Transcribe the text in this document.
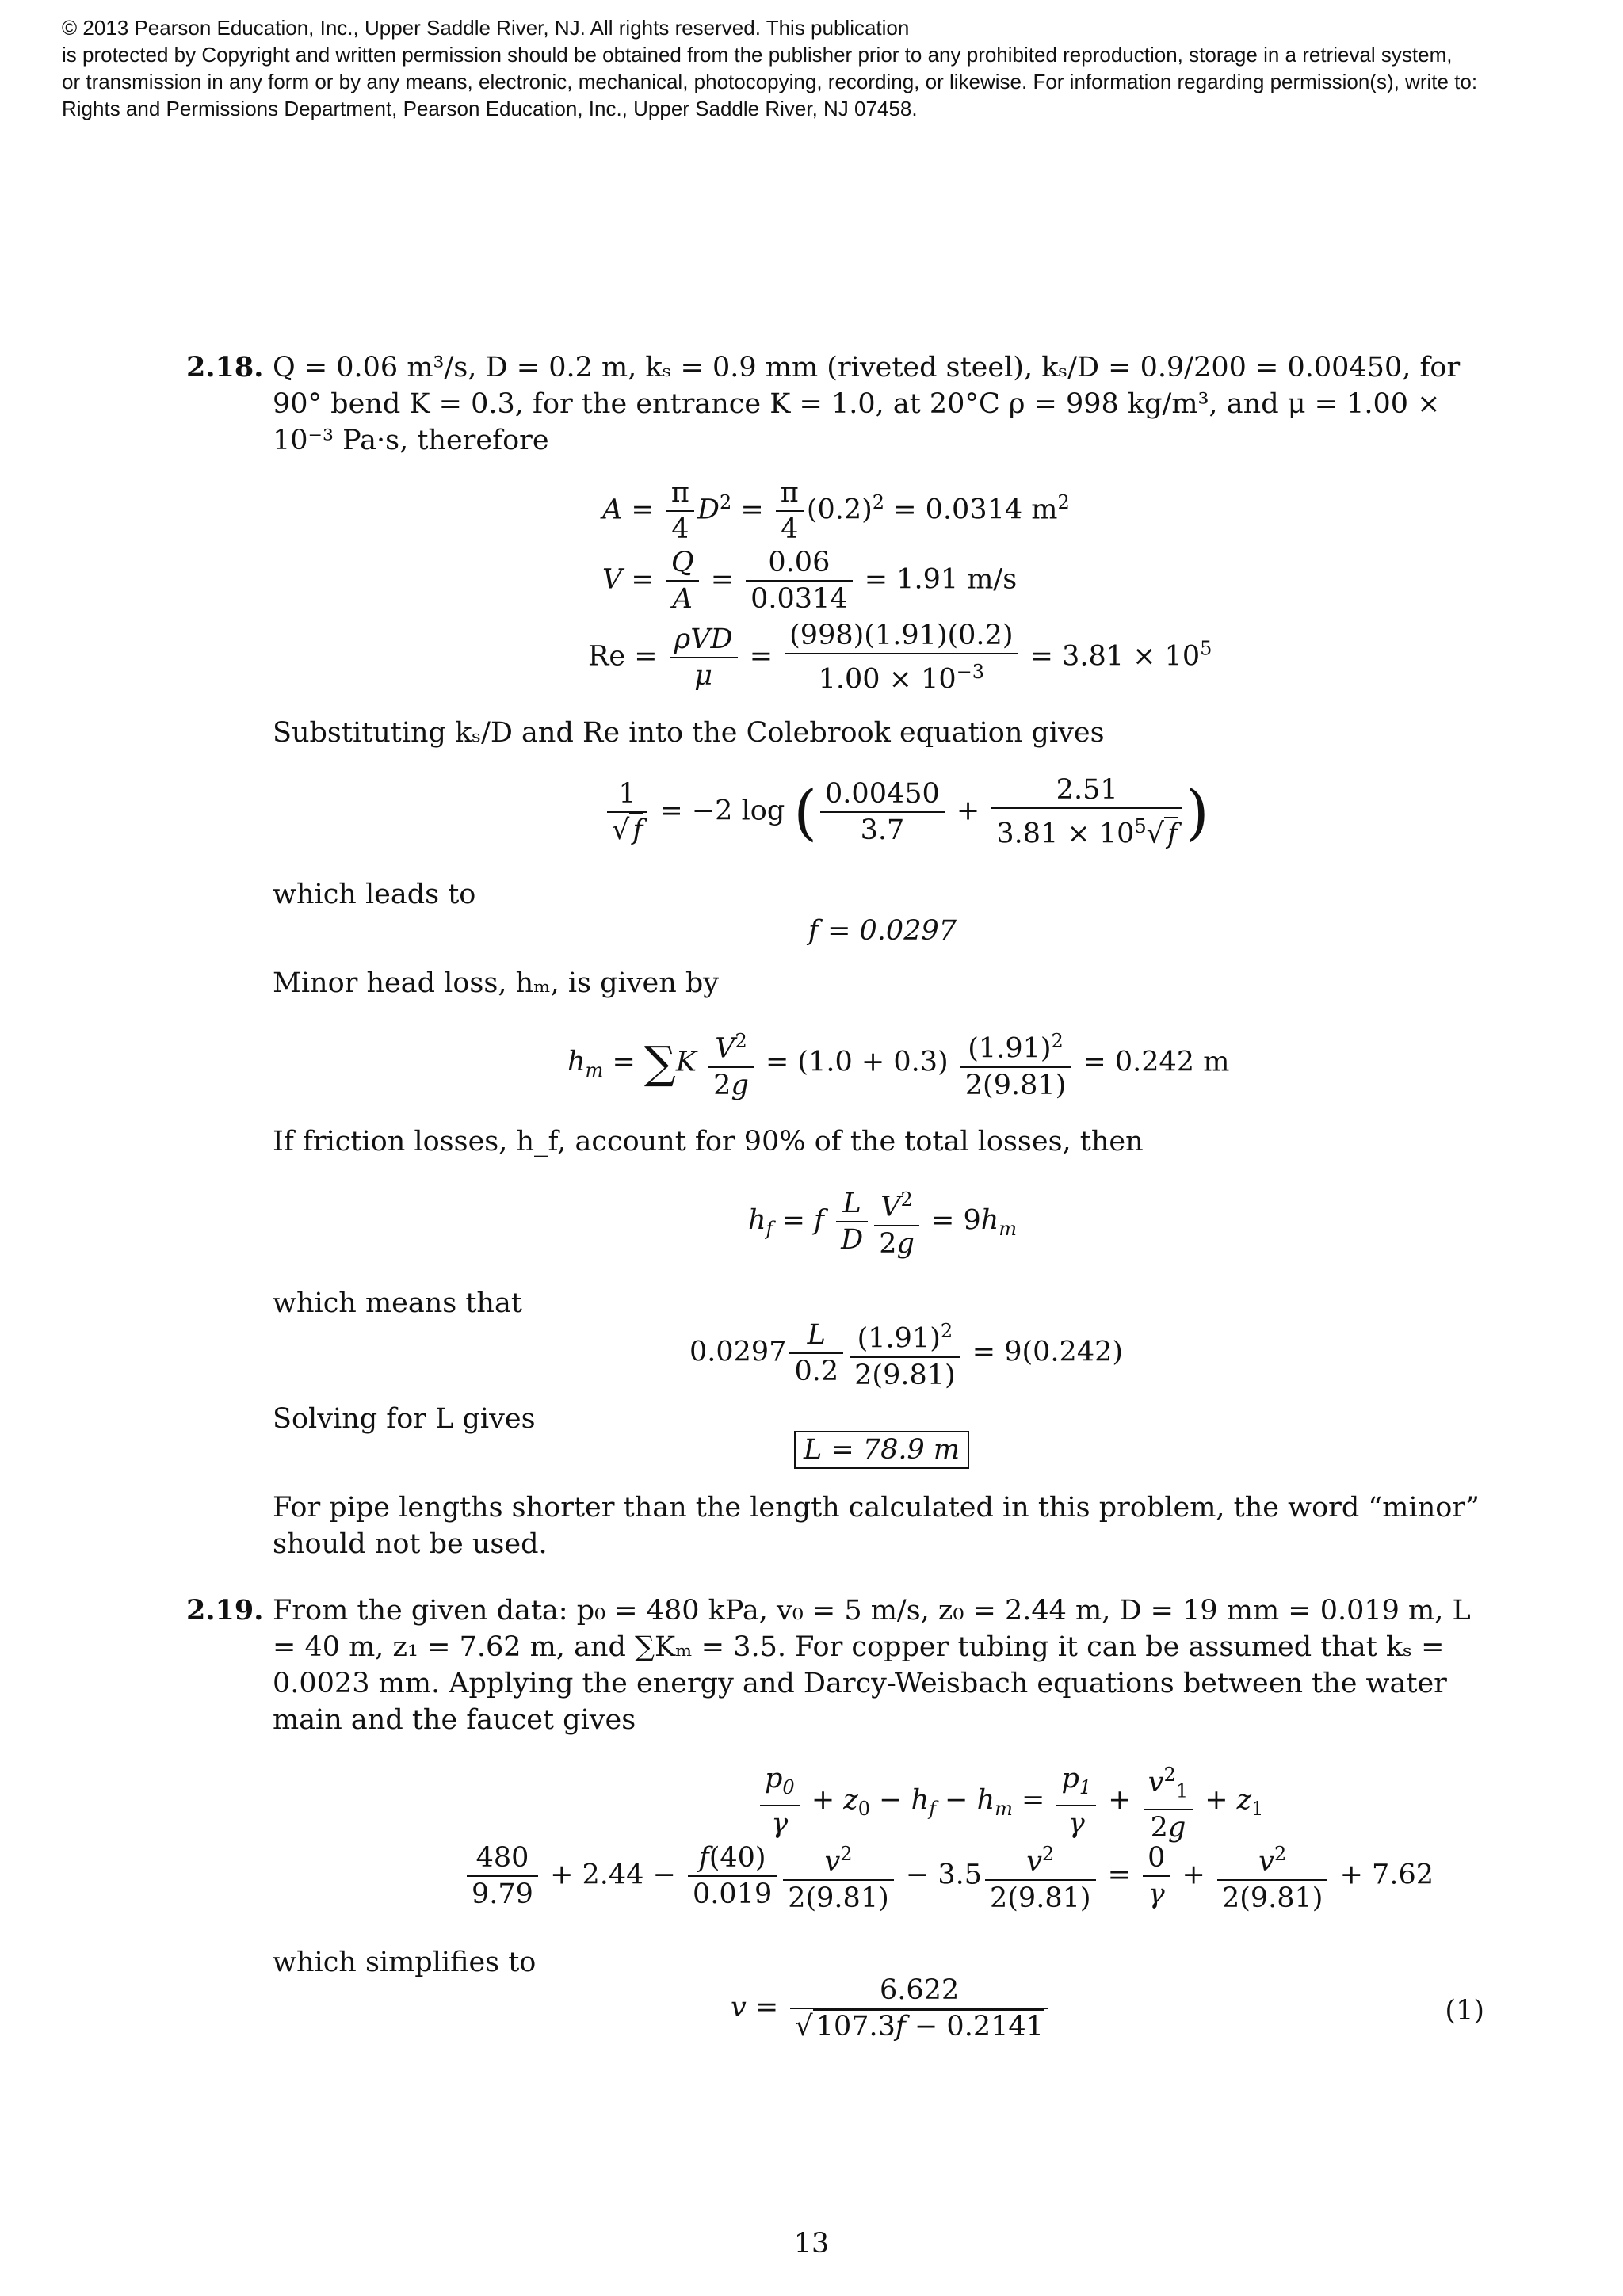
© 2013 Pearson Education, Inc., Upper Saddle River, NJ. All rights reserved. This publication
is protected by Copyright and written permission should be obtained from the publisher prior to any prohibited reproduction, storage in a retrieval system,
or transmission in any form or by any means, electronic, mechanical, photocopying, recording, or likewise. For information regarding permission(s), write to:
Rights and Permissions Department, Pearson Education, Inc., Upper Saddle River, NJ 07458.
2.18. Q = 0.06 m³/s, D = 0.2 m, kₛ = 0.9 mm (riveted steel), kₛ/D = 0.9/200 = 0.00450, for 90° bend K = 0.3, for the entrance K = 1.0, at 20°C ρ = 998 kg/m³, and μ = 1.00 × 10⁻³ Pa·s, therefore
$A = \frac{\pi}{4} D^2 = \frac{\pi}{4} (0.2)^2 = 0.0314$ $m^2$
$V = \frac{Q}{A} = \frac{0.06}{0.0314} = 1.91$ m/s
$Re = \frac{\text{ρVD}}{\mu} = \frac{(998)(1.91)(0.2)}{1.00 \times 10^{-3}} = 3.81 \times 10^5$
Substituting kₛ/D and Re into the Colebrook equation gives
$\frac{1}{√ f} = -2$ log ( $\frac{0.00450}{3.7} + \frac{2.51}{3.81 \times 10^5√ f}$ )
which leads to
f = 0.0297
Minor head loss, hₘ, is given by
$h_m = \sum K \frac{V^2}{2g} = (1.0 + 0.3) \frac{(1.91)^2}{2(9.81)} = 0.242$ m
If friction losses, h_f, account for 90% of the total losses, then
$h_f = f \frac{L}{D} \frac{V^2}{2g} = 9h_m$
which means that
$0.0297 \frac{L}{0.2} \frac{(1.91)^2}{2(9.81)} = 9(0.242)$
Solving for L gives
L = 78.9 m
For pipe lengths shorter than the length calculated in this problem, the word “minor” should not be used.
2.19. From the given data: p₀ = 480 kPa, v₀ = 5 m/s, z₀ = 2.44 m, D = 19 mm = 0.019 m, L = 40 m, z₁ = 7.62 m, and ∑Kₘ = 3.5. For copper tubing it can be assumed that kₛ = 0.0023 mm. Applying the energy and Darcy-Weisbach equations between the water main and the faucet gives
$\frac{p_0}{\gamma} + z_0 - h_f - h_m = \frac{p_1}{\gamma} + \frac{v^2_1}{2g} + z_1$
$\frac{480}{9.79} + 2.44 - \frac{f(40)}{0.019} \frac{v^2}{2(9.81)} - 3.5 \frac{v^2}{2(9.81)} = \frac{0}{\gamma} + \frac{v^2}{2(9.81)} + 7.62$
which simplifies to
$v = \frac{6.622}{√ 107.3f - 0.2141}$	(1)
13
